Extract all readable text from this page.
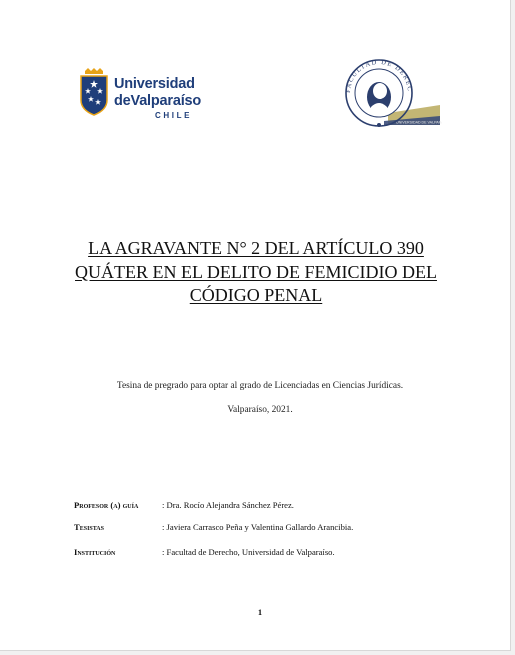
Universidad
deValparaíso
CHILE
UNIVERSIDAD DE VALPAR
FACULTAD DE DEREC
LA AGRAVANTE N° 2 DEL ARTÍCULO 390 QUÁTER EN EL DELITO DE FEMICIDIO DEL CÓDIGO PENAL
Tesina de pregrado para optar al grado de Licenciadas en Ciencias Jurídicas.
Valparaíso, 2021.
Profesor (a) guía	: Dra. Rocío Alejandra Sánchez Pérez.
Tesistas	: Javiera Carrasco Peña y Valentina Gallardo Arancibia.
Institución	: Facultad de Derecho, Universidad de Valparaíso.
1
